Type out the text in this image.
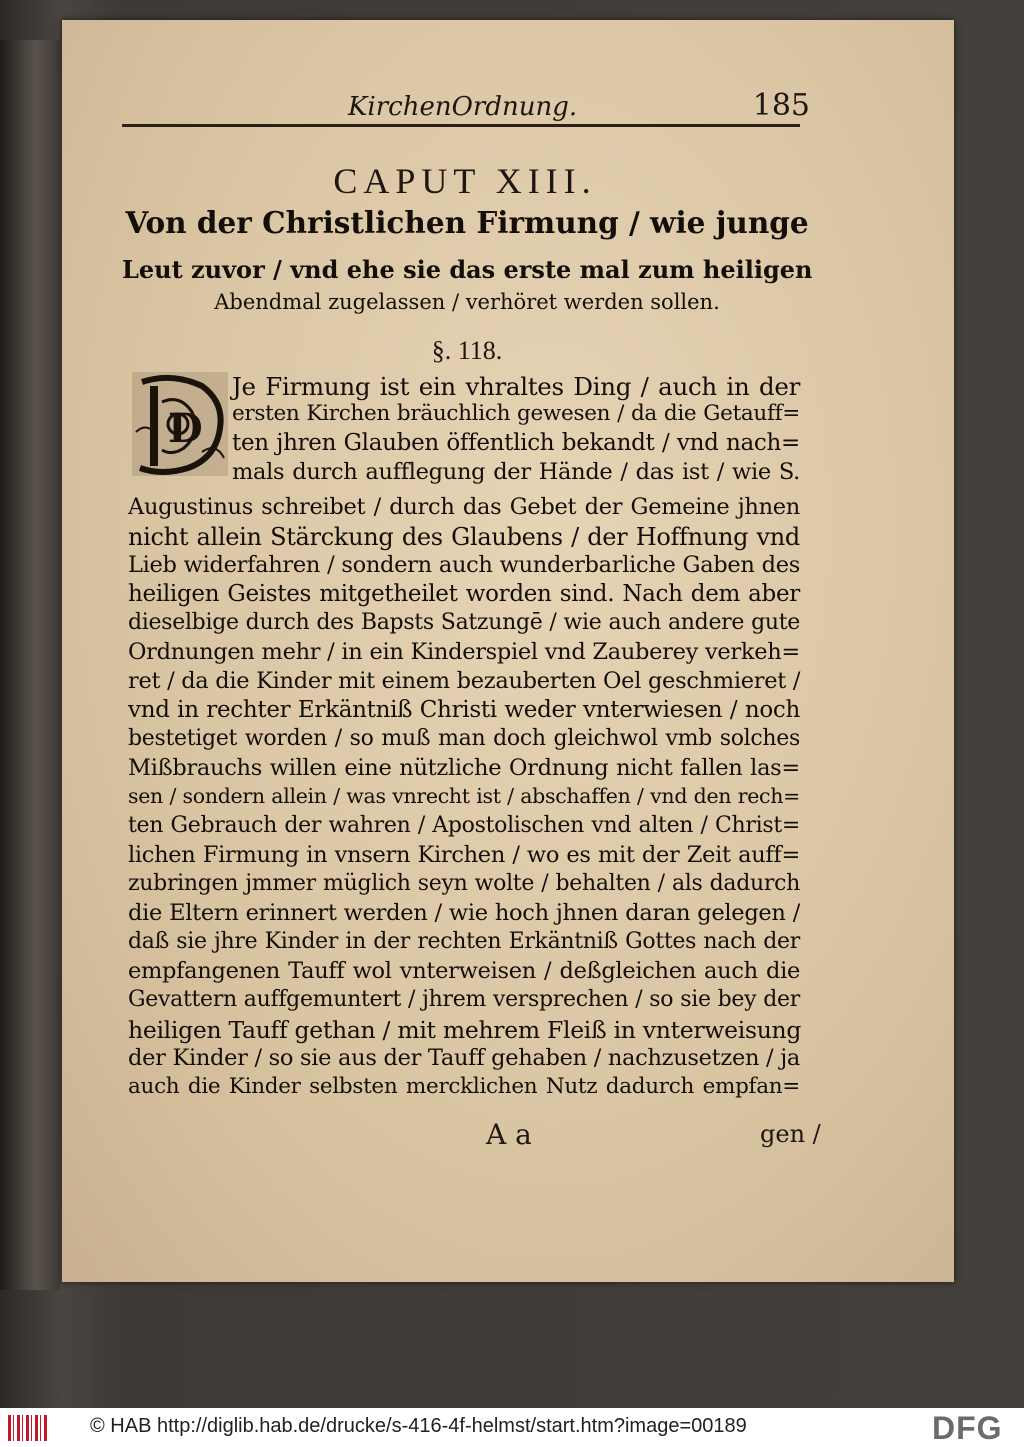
KirchenOrdnung.	185
CAPUT XIII.
Von der Christlichen Firmung / wie junge
Leut zuvor / vnd ehe sie das erste mal zum heiligen
Abendmal zugelassen / verhöret werden sollen.
§. 118.
D
Je Firmung ist ein vhraltes Ding / auch in der
ersten Kirchen bräuchlich gewesen / da die Getauff=
ten jhren Glauben öffentlich bekandt / vnd nach=
mals durch aufflegung der Hände / das ist / wie S.
Augustinus schreibet / durch das Gebet der Gemeine jhnen
nicht allein Stärckung des Glaubens / der Hoffnung vnd
Lieb widerfahren / sondern auch wunderbarliche Gaben des
heiligen Geistes mitgetheilet worden sind. Nach dem aber
dieselbige durch des Bapsts Satzungē / wie auch andere gute
Ordnungen mehr / in ein Kinderspiel vnd Zauberey verkeh=
ret / da die Kinder mit einem bezauberten Oel geschmieret /
vnd in rechter Erkäntniß Christi weder vnterwiesen / noch
bestetiget worden / so muß man doch gleichwol vmb solches
Mißbrauchs willen eine nützliche Ordnung nicht fallen las=
sen / sondern allein / was vnrecht ist / abschaffen / vnd den rech=
ten Gebrauch der wahren / Apostolischen vnd alten / Christ=
lichen Firmung in vnsern Kirchen / wo es mit der Zeit auff=
zubringen jmmer müglich seyn wolte / behalten / als dadurch
die Eltern erinnert werden / wie hoch jhnen daran gelegen /
daß sie jhre Kinder in der rechten Erkäntniß Gottes nach der
empfangenen Tauff wol vnterweisen / deßgleichen auch die
Gevattern auffgemuntert / jhrem versprechen / so sie bey der
heiligen Tauff gethan / mit mehrem Fleiß in vnterweisung
der Kinder / so sie aus der Tauff gehaben / nachzusetzen / ja
auch die Kinder selbsten mercklichen Nutz dadurch empfan=
A a	gen /
© HAB http://diglib.hab.de/drucke/s-416-4f-helmst/start.htm?image=00189	DFG
